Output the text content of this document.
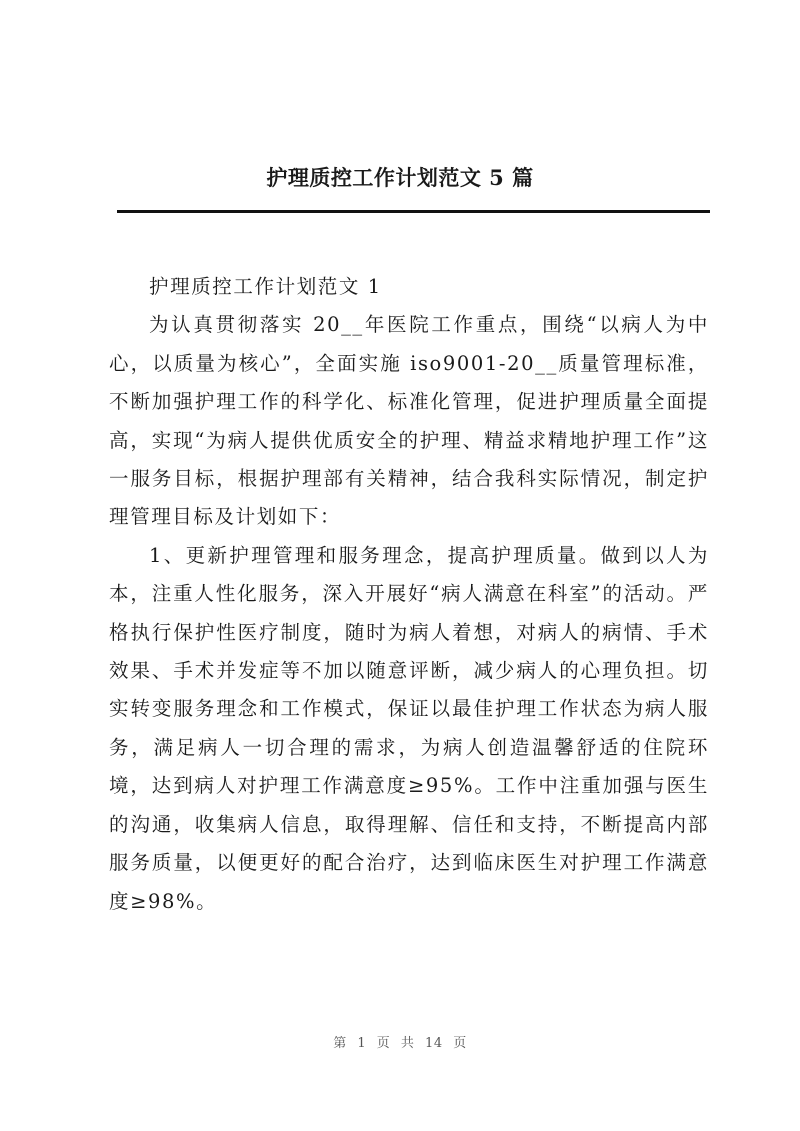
护理质控工作计划范文 5 篇

护理质控工作计划范文 1

为认真贯彻落实 20__年医院工作重点，围绕“以病人为中心，以质量为核心”，全面实施 iso9001-20__质量管理标准，不断加强护理工作的科学化、标准化管理，促进护理质量全面提高，实现“为病人提供优质安全的护理、精益求精地护理工作”这一服务目标，根据护理部有关精神，结合我科实际情况，制定护理管理目标及计划如下：

1、更新护理管理和服务理念，提高护理质量。做到以人为本，注重人性化服务，深入开展好“病人满意在科室”的活动。严格执行保护性医疗制度，随时为病人着想，对病人的病情、手术效果、手术并发症等不加以随意评断，减少病人的心理负担。切实转变服务理念和工作模式，保证以最佳护理工作状态为病人服务，满足病人一切合理的需求，为病人创造温馨舒适的住院环境，达到病人对护理工作满意度≥95%。工作中注重加强与医生的沟通，收集病人信息，取得理解、信任和支持，不断提高内部服务质量，以便更好的配合治疗，达到临床医生对护理工作满意度≥98%。

第 1 页 共 14 页
